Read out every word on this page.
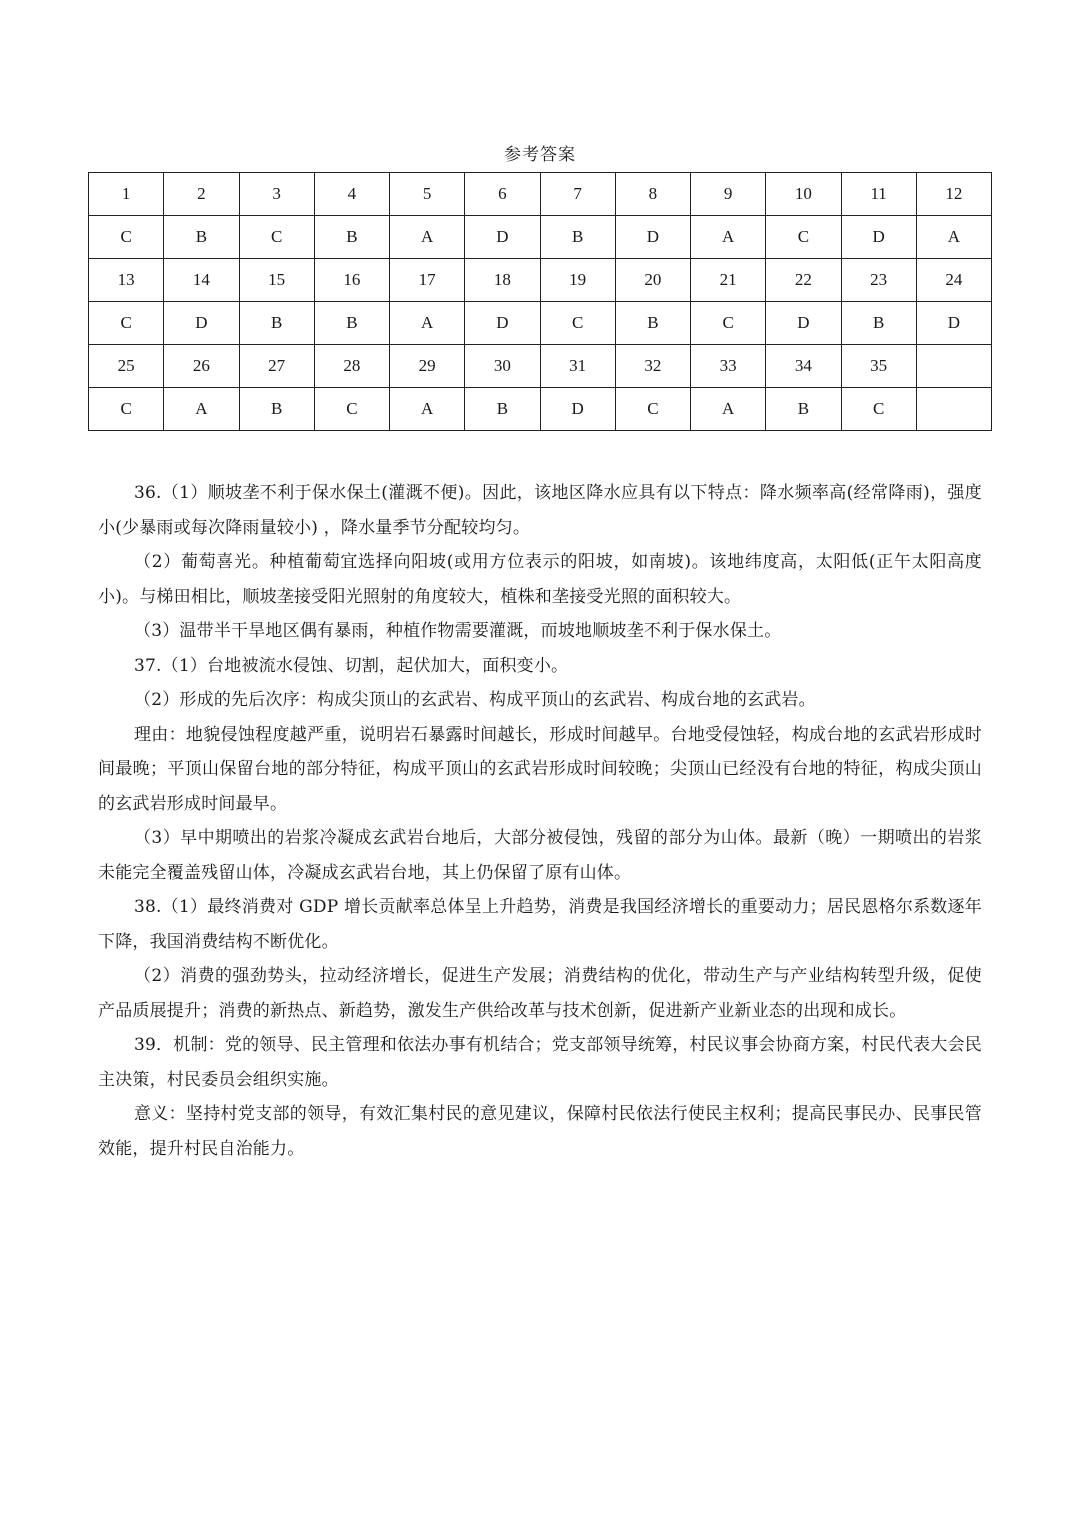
参考答案
1	2	3	4	5	6	7	8	9	10	11	12
C	B	C	B	A	D	B	D	A	C	D	A
13	14	15	16	17	18	19	20	21	22	23	24
C	D	B	B	A	D	C	B	C	D	B	D
25	26	27	28	29	30	31	32	33	34	35	
C	A	B	C	A	B	D	C	A	B	C	

36.（1）顺坡垄不利于保水保土(灌溉不便)。因此，该地区降水应具有以下特点：降水频率高(经常降雨)，强度小(少暴雨或每次降雨量较小) ，降水量季节分配较均匀。

（2）葡萄喜光。种植葡萄宜选择向阳坡(或用方位表示的阳坡，如南坡)。该地纬度高，太阳低(正午太阳高度小)。与梯田相比，顺坡垄接受阳光照射的角度较大，植株和垄接受光照的面积较大。

（3）温带半干旱地区偶有暴雨，种植作物需要灌溉，而坡地顺坡垄不利于保水保土。

37.（1）台地被流水侵蚀、切割，起伏加大，面积变小。

（2）形成的先后次序：构成尖顶山的玄武岩、构成平顶山的玄武岩、构成台地的玄武岩。

理由：地貌侵蚀程度越严重，说明岩石暴露时间越长，形成时间越早。台地受侵蚀轻，构成台地的玄武岩形成时间最晚；平顶山保留台地的部分特征，构成平顶山的玄武岩形成时间较晚；尖顶山已经没有台地的特征，构成尖顶山的玄武岩形成时间最早。

（3）早中期喷出的岩浆冷凝成玄武岩台地后，大部分被侵蚀，残留的部分为山体。最新（晚）一期喷出的岩浆未能完全覆盖残留山体，冷凝成玄武岩台地，其上仍保留了原有山体。

38.（1）最终消费对 GDP 增长贡献率总体呈上升趋势，消费是我国经济增长的重要动力；居民恩格尔系数逐年下降，我国消费结构不断优化。

（2）消费的强劲势头，拉动经济增长，促进生产发展；消费结构的优化，带动生产与产业结构转型升级，促使产品质展提升；消费的新热点、新趋势，激发生产供给改革与技术创新，促进新产业新业态的出现和成长。

39．机制：党的领导、民主管理和依法办事有机结合；党支部领导统筹，村民议事会协商方案，村民代表大会民主决策，村民委员会组织实施。

意义：坚持村党支部的领导，有效汇集村民的意见建议，保障村民依法行使民主权利；提高民事民办、民事民管效能，提升村民自治能力。
